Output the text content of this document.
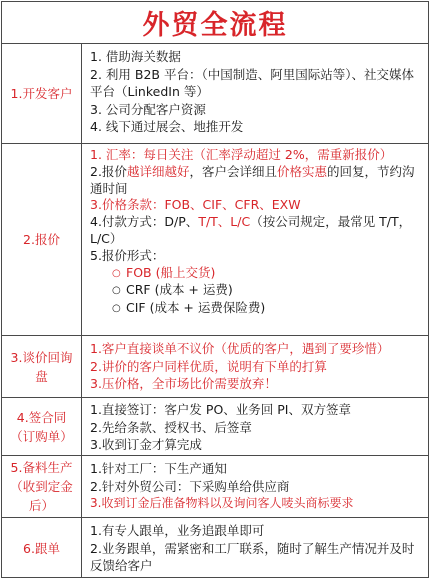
外贸全流程
1.开发客户

1. 借助海关数据

2. 利用 B2B 平台：（中国制造、阿里国际站等）、社交媒体平台（LinkedIn 等）

3. 公司分配客户资源

4. 线下通过展会、地推开发

2.报价

1. 汇率：每日关注（汇率浮动超过 2%，需重新报价）

2.报价越详细越好，客户会详细且价格实惠的回复，节约沟通时间

3.价格条款：FOB、CIF、CFR、EXW

4.付款方式：D/P、T/T、L/C（按公司规定，最常见 T/T，L/C）

5.报价形式：

○ FOB (船上交货)

○ CRF (成本 + 运费)

○ CIF (成本 + 运费保险费)

3.谈价回询盘

1.客户直接谈单不议价（优质的客户，遇到了要珍惜）

2.讲价的客户同样优质，说明有下单的打算

3.压价格，全市场比价需要放弃！

4.签合同（订购单）

1.直接签订：客户发 PO、业务回 PI、双方签章

2.先给条款、授权书、后签章

3.收到订金才算完成

5.备料生产（收到定金后）

1.针对工厂：下生产通知

2.针对外贸公司：下采购单给供应商

3.收到订金后准备物料以及询问客人唛头商标要求

6.跟单

1.有专人跟单，业务追跟单即可

2.业务跟单，需紧密和工厂联系，随时了解生产情况并及时反馈给客户
